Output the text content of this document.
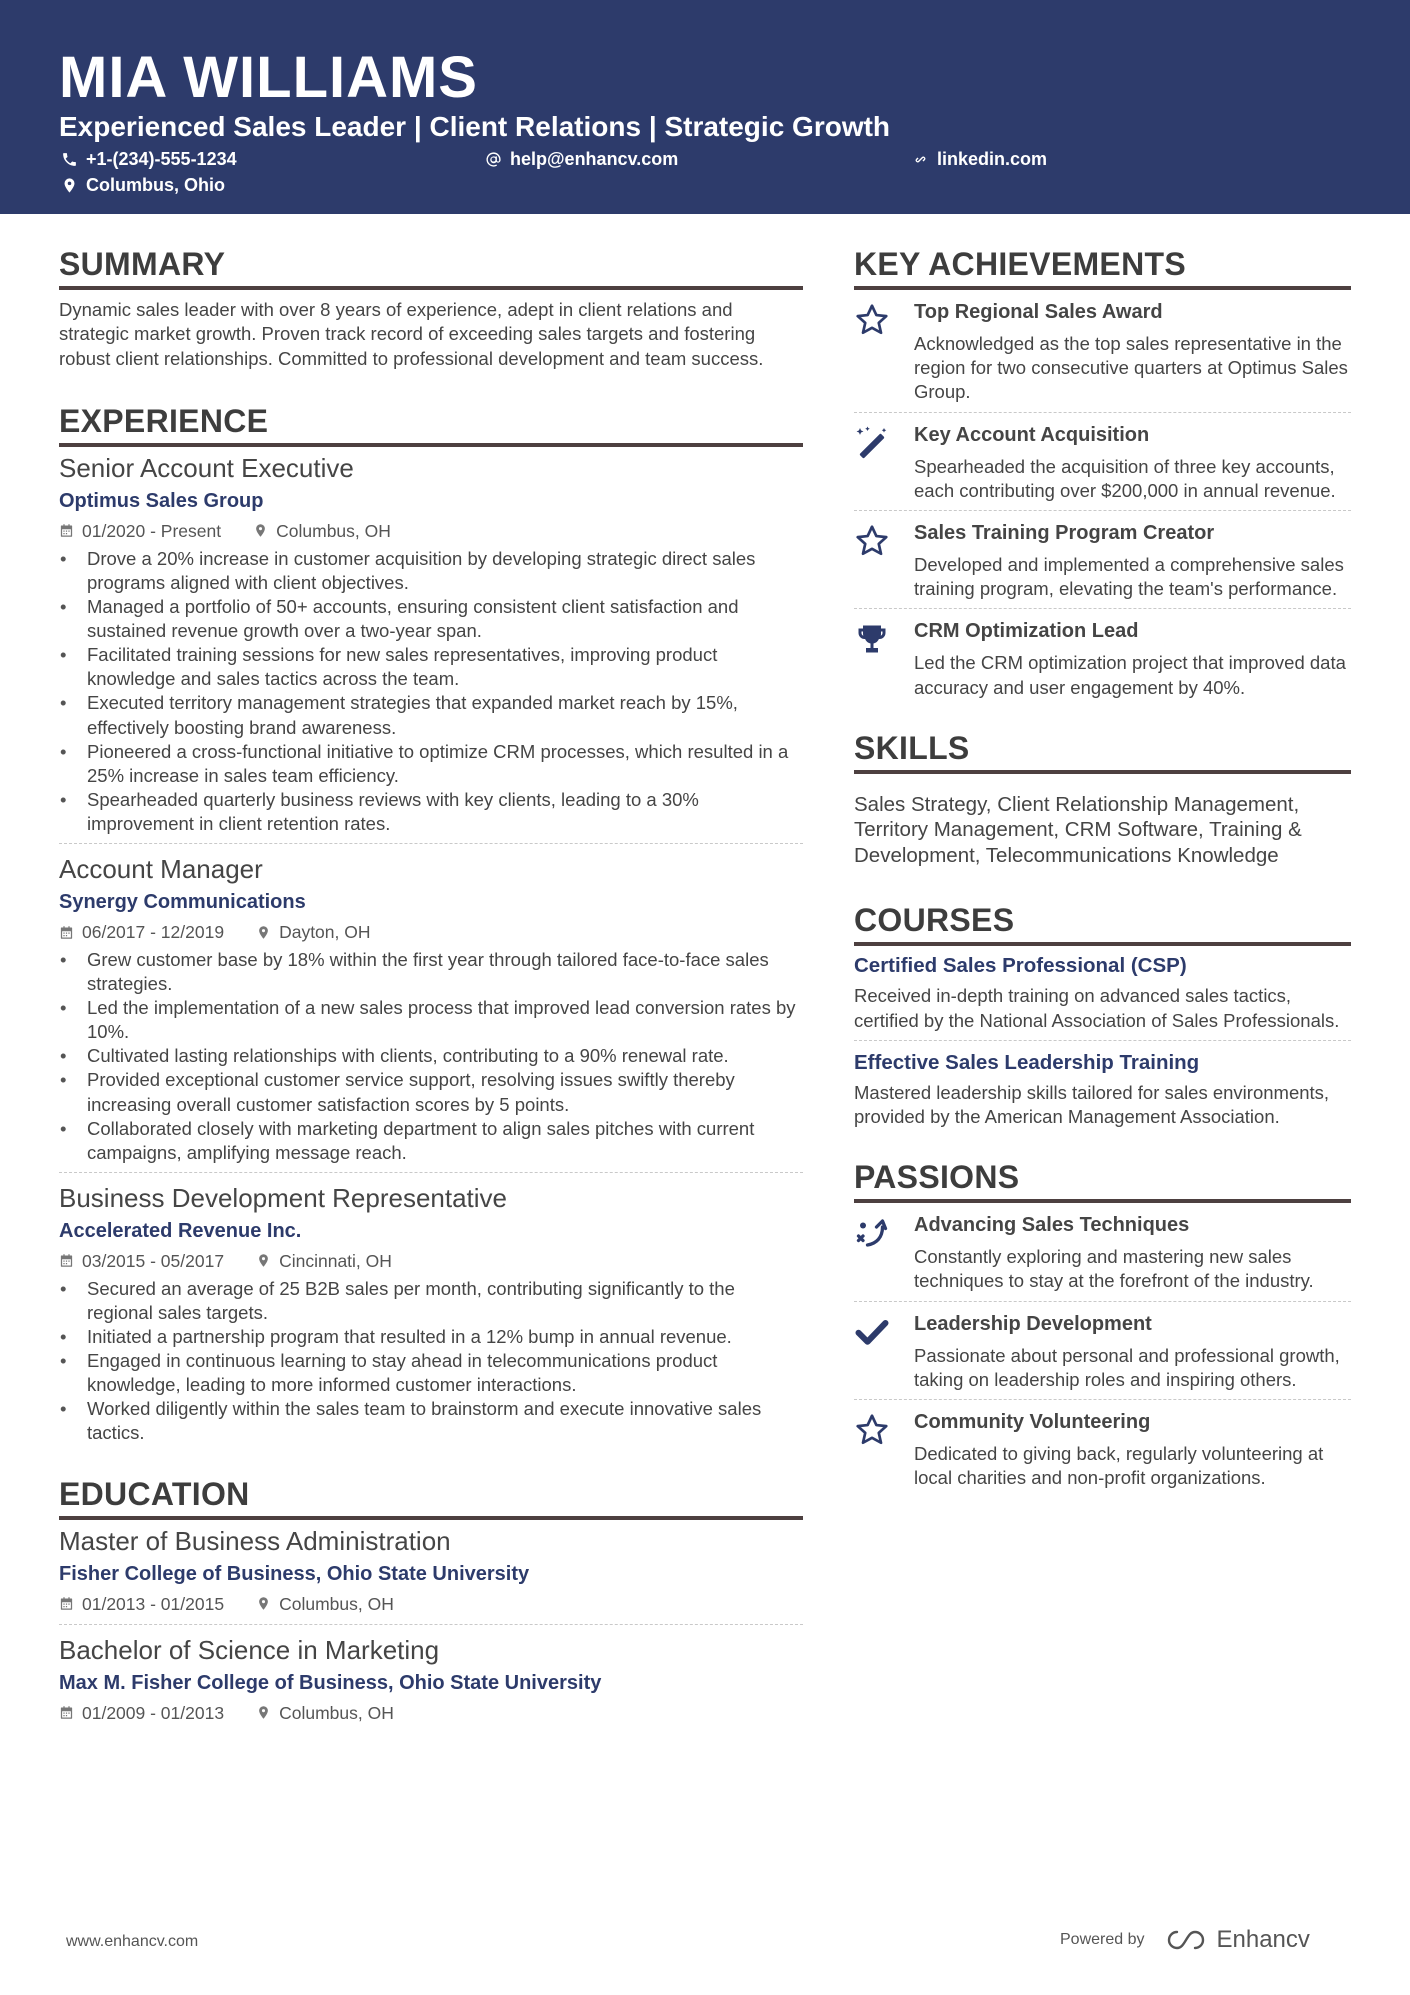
MIA WILLIAMS
Experienced Sales Leader | Client Relations | Strategic Growth
+1-(234)-555-1234	help@enhancv.com	linkedin.com
Columbus, Ohio
SUMMARY
Dynamic sales leader with over 8 years of experience, adept in client relations and strategic market growth. Proven track record of exceeding sales targets and fostering robust client relationships. Committed to professional development and team success.
EXPERIENCE
Senior Account Executive
Optimus Sales Group
01/2020 - Present	Columbus, OH
• Drove a 20% increase in customer acquisition by developing strategic direct sales programs aligned with client objectives.
• Managed a portfolio of 50+ accounts, ensuring consistent client satisfaction and sustained revenue growth over a two-year span.
• Facilitated training sessions for new sales representatives, improving product knowledge and sales tactics across the team.
• Executed territory management strategies that expanded market reach by 15%, effectively boosting brand awareness.
• Pioneered a cross-functional initiative to optimize CRM processes, which resulted in a 25% increase in sales team efficiency.
• Spearheaded quarterly business reviews with key clients, leading to a 30% improvement in client retention rates.
Account Manager
Synergy Communications
06/2017 - 12/2019	Dayton, OH
• Grew customer base by 18% within the first year through tailored face-to-face sales strategies.
• Led the implementation of a new sales process that improved lead conversion rates by 10%.
• Cultivated lasting relationships with clients, contributing to a 90% renewal rate.
• Provided exceptional customer service support, resolving issues swiftly thereby increasing overall customer satisfaction scores by 5 points.
• Collaborated closely with marketing department to align sales pitches with current campaigns, amplifying message reach.
Business Development Representative
Accelerated Revenue Inc.
03/2015 - 05/2017	Cincinnati, OH
• Secured an average of 25 B2B sales per month, contributing significantly to the regional sales targets.
• Initiated a partnership program that resulted in a 12% bump in annual revenue.
• Engaged in continuous learning to stay ahead in telecommunications product knowledge, leading to more informed customer interactions.
• Worked diligently within the sales team to brainstorm and execute innovative sales tactics.
EDUCATION
Master of Business Administration
Fisher College of Business, Ohio State University
01/2013 - 01/2015	Columbus, OH
Bachelor of Science in Marketing
Max M. Fisher College of Business, Ohio State University
01/2009 - 01/2013	Columbus, OH
KEY ACHIEVEMENTS
Top Regional Sales Award
Acknowledged as the top sales representative in the region for two consecutive quarters at Optimus Sales Group.
Key Account Acquisition
Spearheaded the acquisition of three key accounts, each contributing over $200,000 in annual revenue.
Sales Training Program Creator
Developed and implemented a comprehensive sales training program, elevating the team's performance.
CRM Optimization Lead
Led the CRM optimization project that improved data accuracy and user engagement by 40%.
SKILLS
Sales Strategy, Client Relationship Management, Territory Management, CRM Software, Training & Development, Telecommunications Knowledge
COURSES
Certified Sales Professional (CSP)
Received in-depth training on advanced sales tactics, certified by the National Association of Sales Professionals.
Effective Sales Leadership Training
Mastered leadership skills tailored for sales environments, provided by the American Management Association.
PASSIONS
Advancing Sales Techniques
Constantly exploring and mastering new sales techniques to stay at the forefront of the industry.
Leadership Development
Passionate about personal and professional growth, taking on leadership roles and inspiring others.
Community Volunteering
Dedicated to giving back, regularly volunteering at local charities and non-profit organizations.
www.enhancv.com	Powered by	Enhancv
